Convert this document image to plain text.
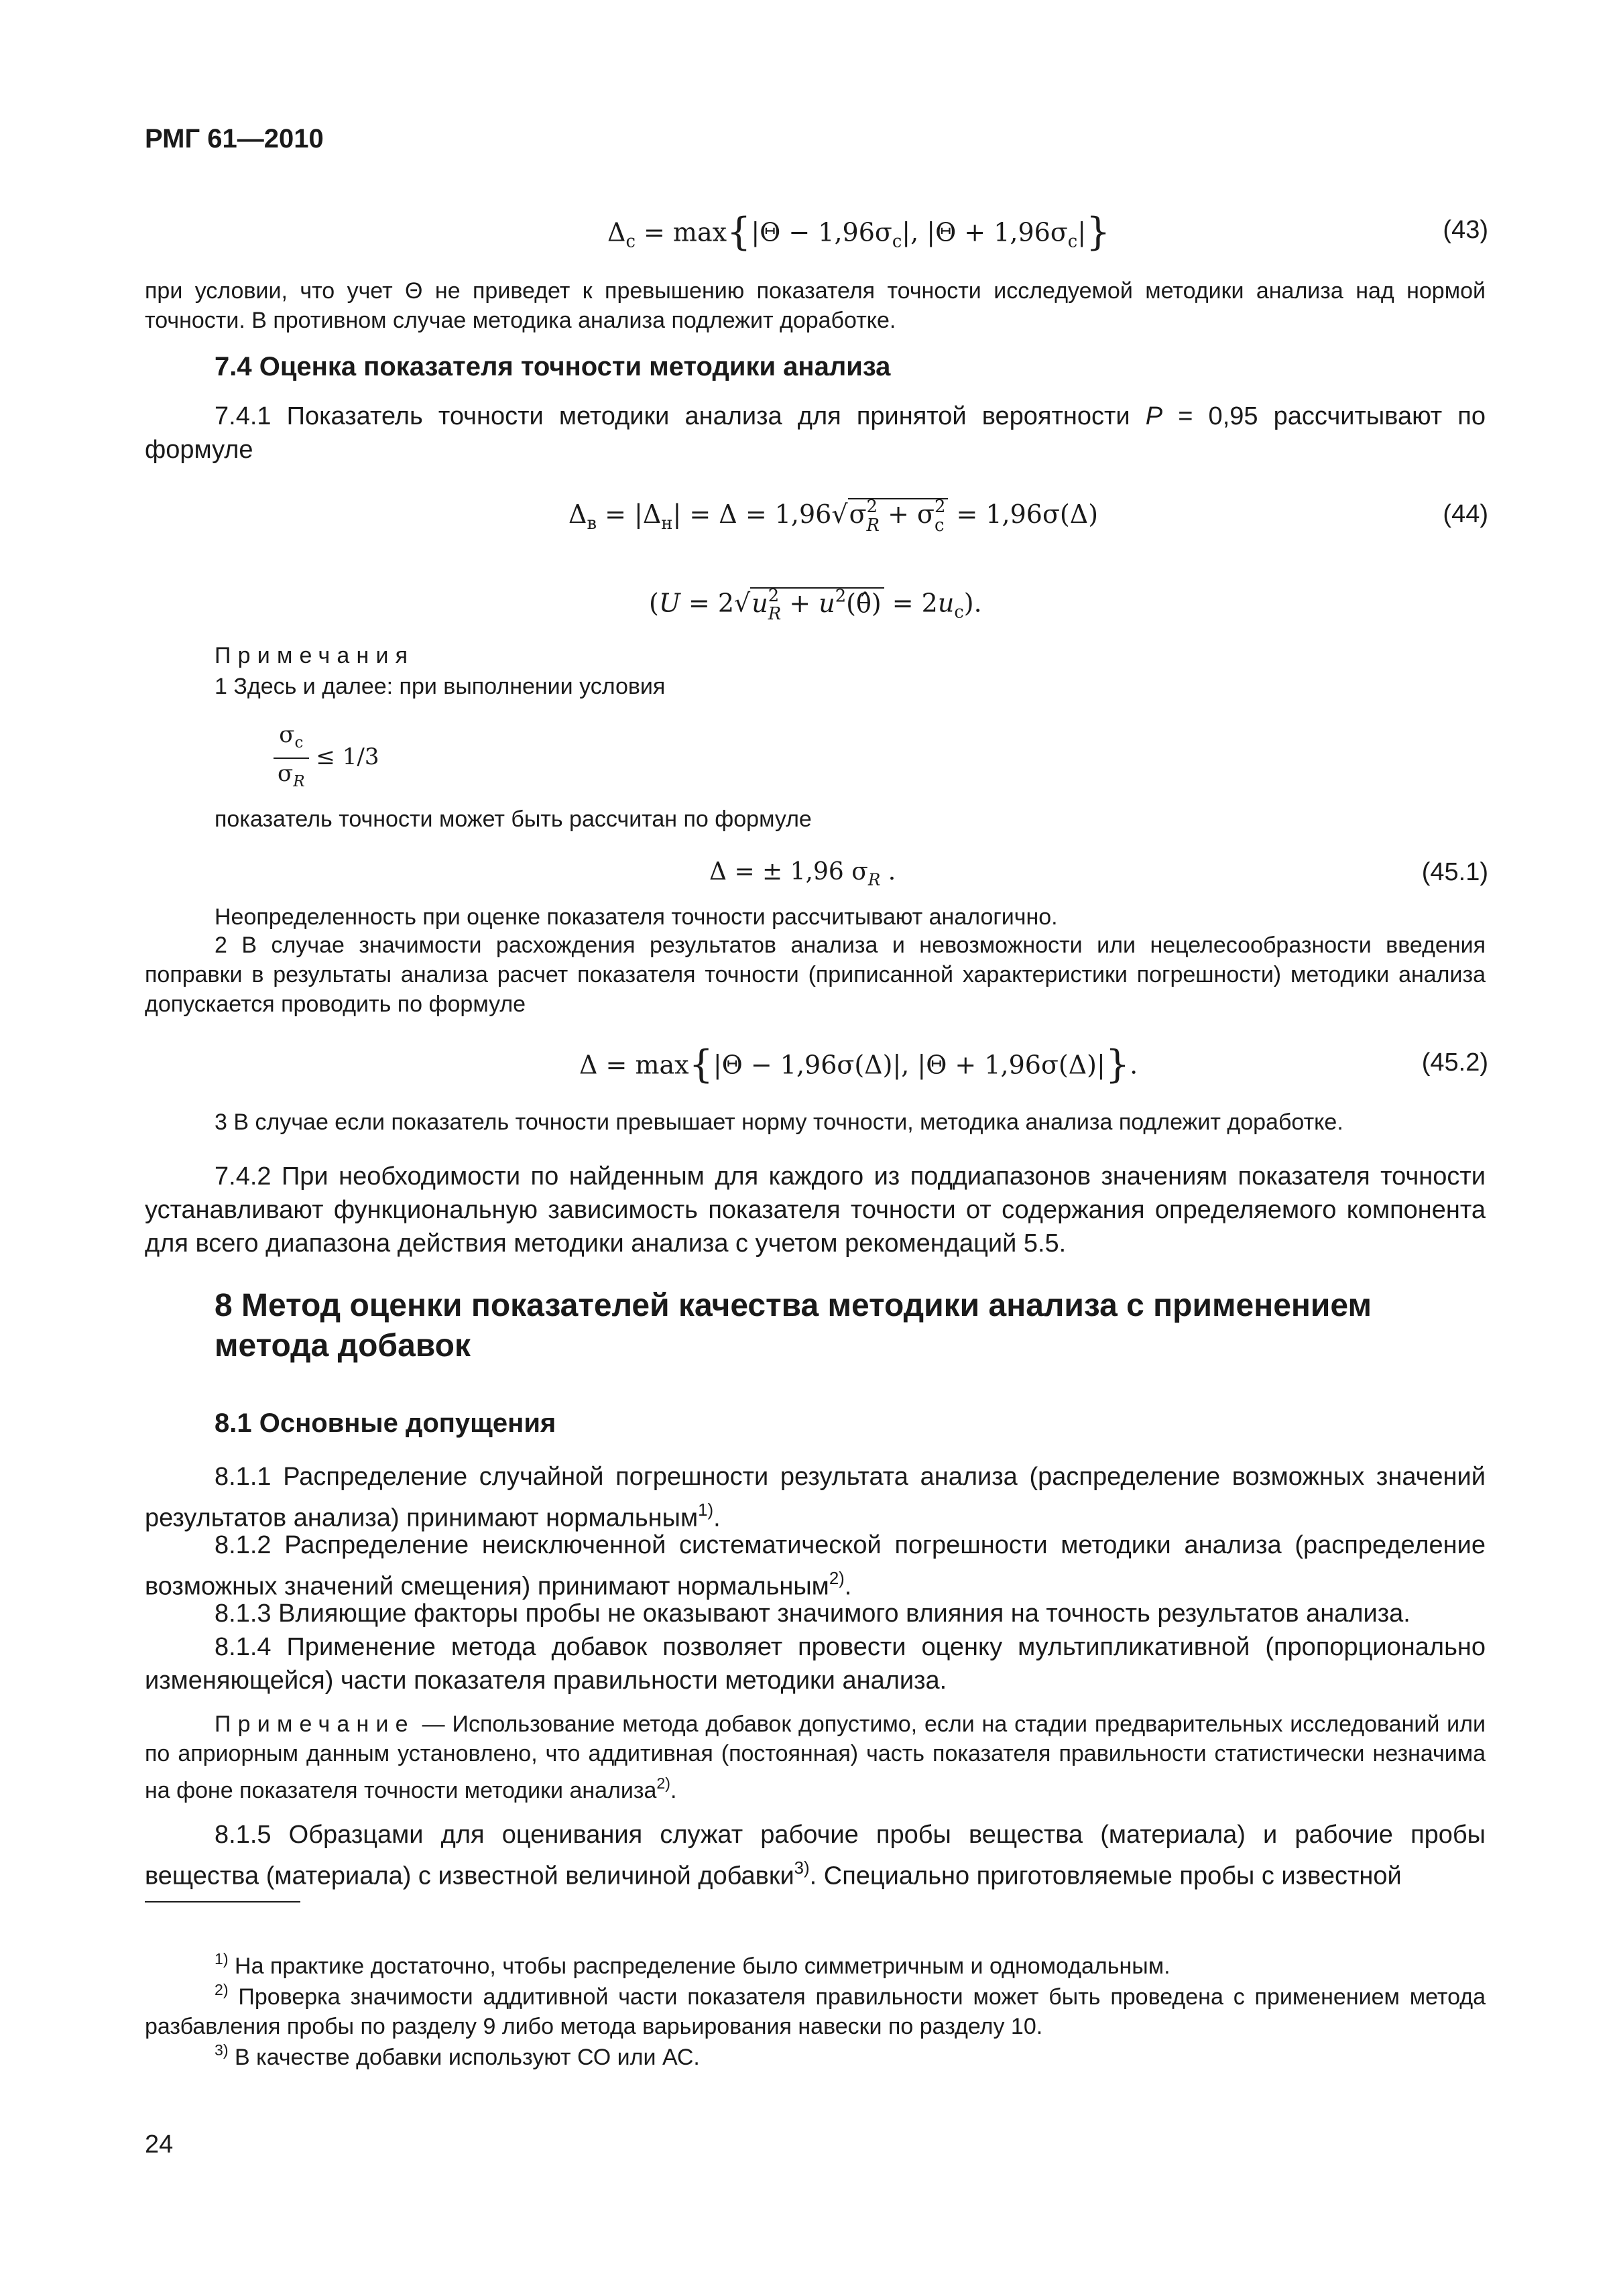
РМГ 61—2010
$\Delta_с = \max\{|\Theta - 1,96\sigma_с|$, $|\Theta + 1,96\sigma_с|$}	(43)
при условии, что учет Θ не приведет к превышению показателя точности исследуемой методики анализа над нормой точности. В противном случае методика анализа подлежит доработке.
7.4 Оценка показателя точности методики анализа
7.4.1 Показатель точности методики анализа для принятой вероятности P = 0,95 рассчитывают по формуле
$\Delta_в = |\Delta_н| = \Delta = 1,96√\sigma$ 2
R + σ 2
с = 1,96σ(Δ)	(44)
(U = 2√u 2
$R + u^2(\thetâ) = 2u_с$).
Примечания
1 Здесь и далее: при выполнении условия
$\frac{\sigma_с}{\sigma_R} \le 1/3$
показатель точности может быть рассчитан по формуле
Δ = ± 1,96 $\sigma_R$ .	(45.1)
Неопределенность при оценке показателя точности рассчитывают аналогично.
2 В случае значимости расхождения результатов анализа и невозможности или нецелесообразности введения поправки в результаты анализа расчет показателя точности (приписанной характеристики погрешности) методики анализа допускается проводить по формуле
Δ = max{|Θ − 1,96σ(Δ)|, |Θ + 1,96σ(Δ)|}.	(45.2)
3 В случае если показатель точности превышает норму точности, методика анализа подлежит доработке.
7.4.2 При необходимости по найденным для каждого из поддиапазонов значениям показателя точности устанавливают функциональную зависимость показателя точности от содержания определяемого компонента для всего диапазона действия методики анализа с учетом рекомендаций 5.5.
8 Метод оценки показателей качества методики анализа с применением метода добавок
8.1 Основные допущения
8.1.1 Распределение случайной погрешности результата анализа (распределение возможных значений результатов анализа) принимают нормальным$^{1)}$.
8.1.2 Распределение неисключенной систематической погрешности методики анализа (распределение возможных значений смещения) принимают нормальным$^{2)}$.
8.1.3 Влияющие факторы пробы не оказывают значимого влияния на точность результатов анализа.
8.1.4 Применение метода добавок позволяет провести оценку мультипликативной (пропорционально изменяющейся) части показателя правильности методики анализа.
Примечание — Использование метода добавок допустимо, если на стадии предварительных исследований или по априорным данным установлено, что аддитивная (постоянная) часть показателя правильности статистически незначима на фоне показателя точности методики анализа$^{2)}$.
8.1.5 Образцами для оценивания служат рабочие пробы вещества (материала) и рабочие пробы вещества (материала) с известной величиной добавки$^{3)}$. Специально приготовляемые пробы с известной
$^{1)}$ На практике достаточно, чтобы распределение было симметричным и одномодальным.
$^{2)}$ Проверка значимости аддитивной части показателя правильности может быть проведена с применением метода разбавления пробы по разделу 9 либо метода варьирования навески по разделу 10.
$^{3)}$ В качестве добавки используют СО или АС.
24
